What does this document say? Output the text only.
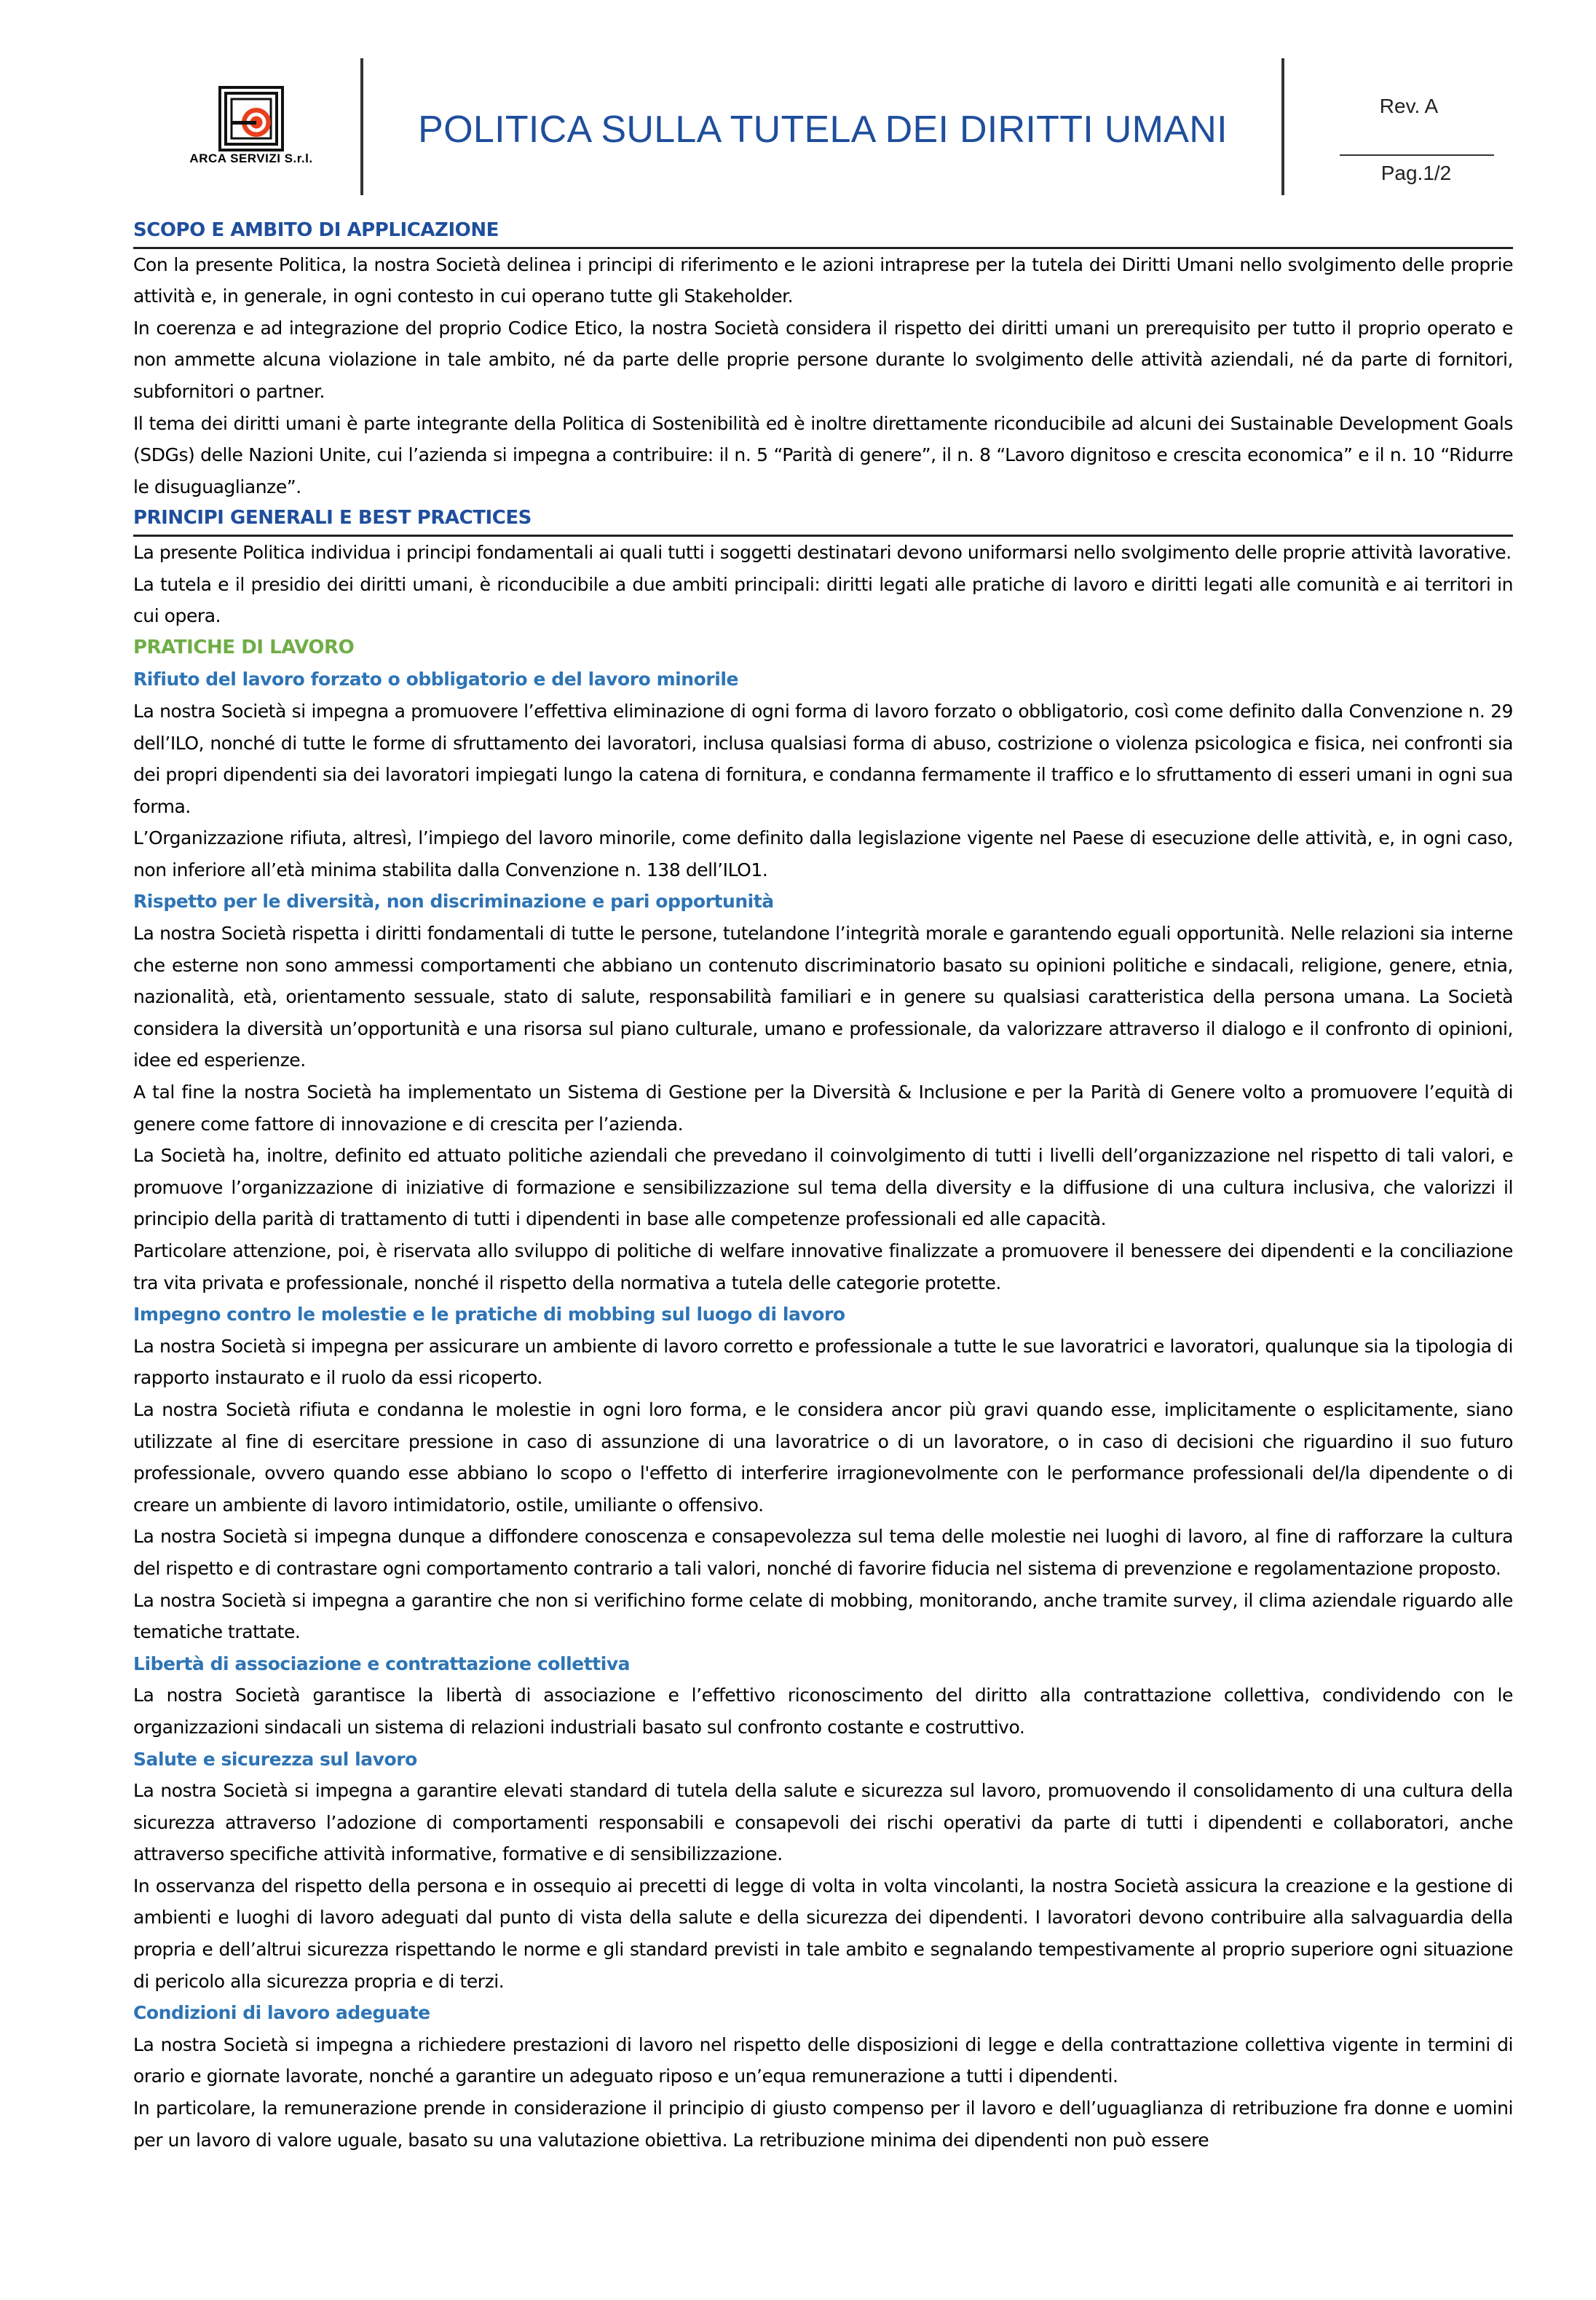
ARCA SERVIZI S.r.l.
POLITICA SULLA TUTELA DEI DIRITTI UMANI
Rev. A
Pag.1/2
SCOPO E AMBITO DI APPLICAZIONE

Con la presente Politica, la nostra Società delinea i principi di riferimento e le azioni intraprese per la tutela dei Diritti Umani nello svolgimento delle proprie attività e, in generale, in ogni contesto in cui operano tutte gli Stakeholder.

In coerenza e ad integrazione del proprio Codice Etico, la nostra Società considera il rispetto dei diritti umani un prerequisito per tutto il proprio operato e non ammette alcuna violazione in tale ambito, né da parte delle proprie persone durante lo svolgimento delle attività aziendali, né da parte di fornitori, subfornitori o partner.

Il tema dei diritti umani è parte integrante della Politica di Sostenibilità ed è inoltre direttamente riconducibile ad alcuni dei Sustainable Development Goals (SDGs) delle Nazioni Unite, cui l’azienda si impegna a contribuire: il n. 5 “Parità di genere”, il n. 8 “Lavoro dignitoso e crescita economica” e il n. 10 “Ridurre le disuguaglianze”.

PRINCIPI GENERALI E BEST PRACTICES

La presente Politica individua i principi fondamentali ai quali tutti i soggetti destinatari devono uniformarsi nello svolgimento delle proprie attività lavorative.

La tutela e il presidio dei diritti umani, è riconducibile a due ambiti principali: diritti legati alle pratiche di lavoro e diritti legati alle comunità e ai territori in cui opera.

PRATICHE DI LAVORO
Rifiuto del lavoro forzato o obbligatorio e del lavoro minorile

La nostra Società si impegna a promuovere l’effettiva eliminazione di ogni forma di lavoro forzato o obbligatorio, così come definito dalla Convenzione n. 29 dell’ILO, nonché di tutte le forme di sfruttamento dei lavoratori, inclusa qualsiasi forma di abuso, costrizione o violenza psicologica e fisica, nei confronti sia dei propri dipendenti sia dei lavoratori impiegati lungo la catena di fornitura, e condanna fermamente il traffico e lo sfruttamento di esseri umani in ogni sua forma.

L’Organizzazione rifiuta, altresì, l’impiego del lavoro minorile, come definito dalla legislazione vigente nel Paese di esecuzione delle attività, e, in ogni caso, non inferiore all’età minima stabilita dalla Convenzione n. 138 dell’ILO1.

Rispetto per le diversità, non discriminazione e pari opportunità

La nostra Società rispetta i diritti fondamentali di tutte le persone, tutelandone l’integrità morale e garantendo eguali opportunità. Nelle relazioni sia interne che esterne non sono ammessi comportamenti che abbiano un contenuto discriminatorio basato su opinioni politiche e sindacali, religione, genere, etnia, nazionalità, età, orientamento sessuale, stato di salute, responsabilità familiari e in genere su qualsiasi caratteristica della persona umana. La Società considera la diversità un’opportunità e una risorsa sul piano culturale, umano e professionale, da valorizzare attraverso il dialogo e il confronto di opinioni, idee ed esperienze.

A tal fine la nostra Società ha implementato un Sistema di Gestione per la Diversità & Inclusione e per la Parità di Genere volto a promuovere l’equità di genere come fattore di innovazione e di crescita per l’azienda.

La Società ha, inoltre, definito ed attuato politiche aziendali che prevedano il coinvolgimento di tutti i livelli dell’organizzazione nel rispetto di tali valori, e promuove l’organizzazione di iniziative di formazione e sensibilizzazione sul tema della diversity e la diffusione di una cultura inclusiva, che valorizzi il principio della parità di trattamento di tutti i dipendenti in base alle competenze professionali ed alle capacità.

Particolare attenzione, poi, è riservata allo sviluppo di politiche di welfare innovative finalizzate a promuovere il benessere dei dipendenti e la conciliazione tra vita privata e professionale, nonché il rispetto della normativa a tutela delle categorie protette.

Impegno contro le molestie e le pratiche di mobbing sul luogo di lavoro

La nostra Società si impegna per assicurare un ambiente di lavoro corretto e professionale a tutte le sue lavoratrici e lavoratori, qualunque sia la tipologia di rapporto instaurato e il ruolo da essi ricoperto.

La nostra Società rifiuta e condanna le molestie in ogni loro forma, e le considera ancor più gravi quando esse, implicitamente o esplicitamente, siano utilizzate al fine di esercitare pressione in caso di assunzione di una lavoratrice o di un lavoratore, o in caso di decisioni che riguardino il suo futuro professionale, ovvero quando esse abbiano lo scopo o l'effetto di interferire irragionevolmente con le performance professionali del/la dipendente o di creare un ambiente di lavoro intimidatorio, ostile, umiliante o offensivo.

La nostra Società si impegna dunque a diffondere conoscenza e consapevolezza sul tema delle molestie nei luoghi di lavoro, al fine di rafforzare la cultura del rispetto e di contrastare ogni comportamento contrario a tali valori, nonché di favorire fiducia nel sistema di prevenzione e regolamentazione proposto.

La nostra Società si impegna a garantire che non si verifichino forme celate di mobbing, monitorando, anche tramite survey, il clima aziendale riguardo alle tematiche trattate.

Libertà di associazione e contrattazione collettiva

La nostra Società garantisce la libertà di associazione e l’effettivo riconoscimento del diritto alla contrattazione collettiva, condividendo con le organizzazioni sindacali un sistema di relazioni industriali basato sul confronto costante e costruttivo.

Salute e sicurezza sul lavoro

La nostra Società si impegna a garantire elevati standard di tutela della salute e sicurezza sul lavoro, promuovendo il consolidamento di una cultura della sicurezza attraverso l’adozione di comportamenti responsabili e consapevoli dei rischi operativi da parte di tutti i dipendenti e collaboratori, anche attraverso specifiche attività informative, formative e di sensibilizzazione.

In osservanza del rispetto della persona e in ossequio ai precetti di legge di volta in volta vincolanti, la nostra Società assicura la creazione e la gestione di ambienti e luoghi di lavoro adeguati dal punto di vista della salute e della sicurezza dei dipendenti. I lavoratori devono contribuire alla salvaguardia della propria e dell’altrui sicurezza rispettando le norme e gli standard previsti in tale ambito e segnalando tempestivamente al proprio superiore ogni situazione di pericolo alla sicurezza propria e di terzi.

Condizioni di lavoro adeguate

La nostra Società si impegna a richiedere prestazioni di lavoro nel rispetto delle disposizioni di legge e della contrattazione collettiva vigente in termini di orario e giornate lavorate, nonché a garantire un adeguato riposo e un’equa remunerazione a tutti i dipendenti.

In particolare, la remunerazione prende in considerazione il principio di giusto compenso per il lavoro e dell’uguaglianza di retribuzione fra donne e uomini per un lavoro di valore uguale, basato su una valutazione obiettiva. La retribuzione minima dei dipendenti non può essere
